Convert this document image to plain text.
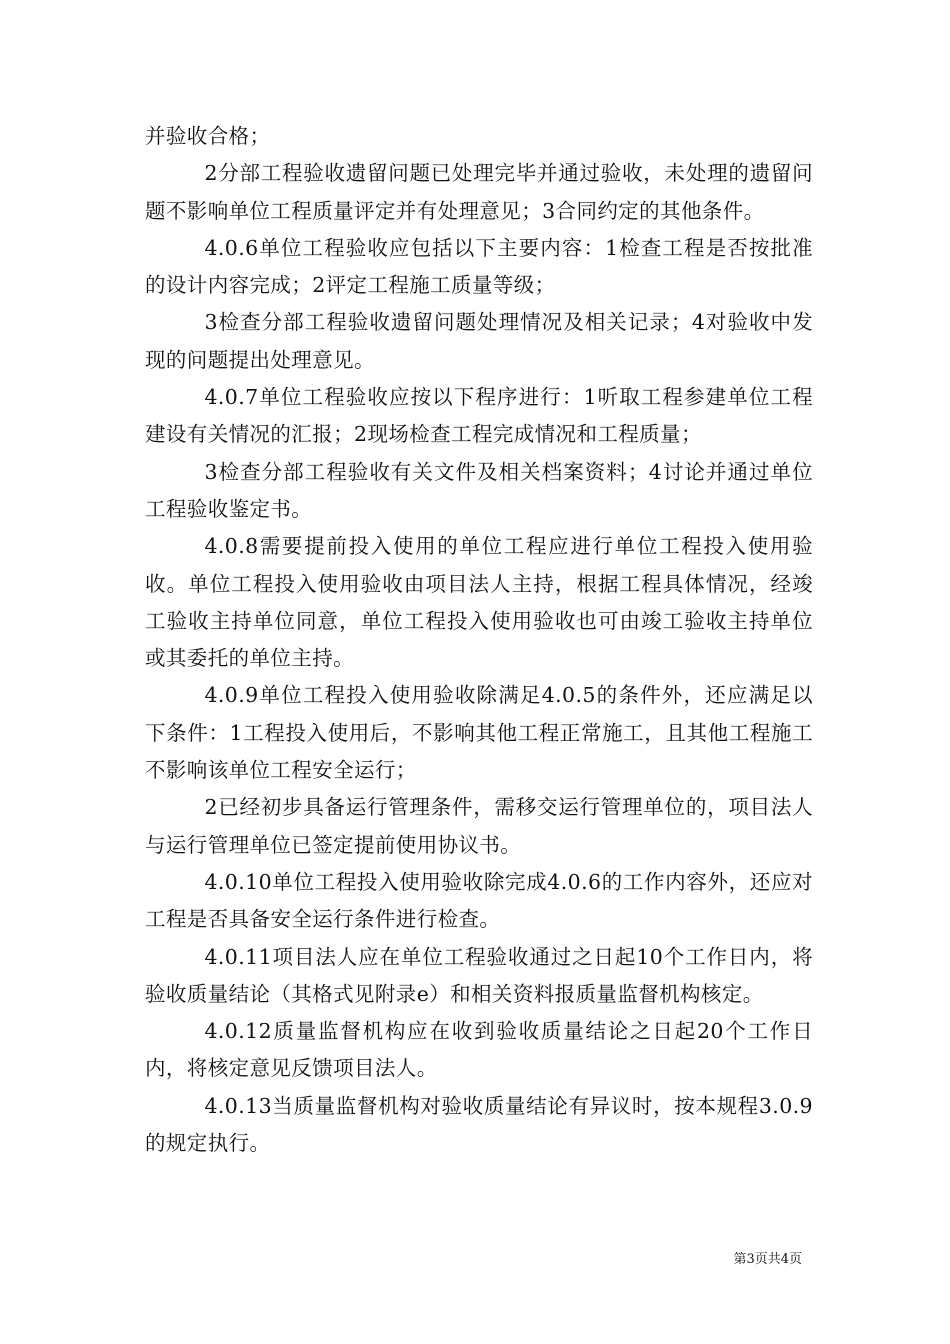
并验收合格；

2分部工程验收遗留问题已处理完毕并通过验收，未处理的遗留问题不影响单位工程质量评定并有处理意见；3合同约定的其他条件。

4.0.6单位工程验收应包括以下主要内容：1检查工程是否按批准的设计内容完成；2评定工程施工质量等级；

3检查分部工程验收遗留问题处理情况及相关记录；4对验收中发现的问题提出处理意见。

4.0.7单位工程验收应按以下程序进行：1听取工程参建单位工程建设有关情况的汇报；2现场检查工程完成情况和工程质量；

3检查分部工程验收有关文件及相关档案资料；4讨论并通过单位工程验收鉴定书。

4.0.8需要提前投入使用的单位工程应进行单位工程投入使用验收。单位工程投入使用验收由项目法人主持，根据工程具体情况，经竣工验收主持单位同意，单位工程投入使用验收也可由竣工验收主持单位或其委托的单位主持。

4.0.9单位工程投入使用验收除满足4.0.5的条件外，还应满足以下条件：1工程投入使用后，不影响其他工程正常施工，且其他工程施工不影响该单位工程安全运行；

2已经初步具备运行管理条件，需移交运行管理单位的，项目法人与运行管理单位已签定提前使用协议书。

4.0.10单位工程投入使用验收除完成4.0.6的工作内容外，还应对工程是否具备安全运行条件进行检查。

4.0.11项目法人应在单位工程验收通过之日起10个工作日内，将验收质量结论（其格式见附录e）和相关资料报质量监督机构核定。

4.0.12质量监督机构应在收到验收质量结论之日起20个工作日内，将核定意见反馈项目法人。

4.0.13当质量监督机构对验收质量结论有异议时，按本规程3.0.9的规定执行。

第3页共4页
